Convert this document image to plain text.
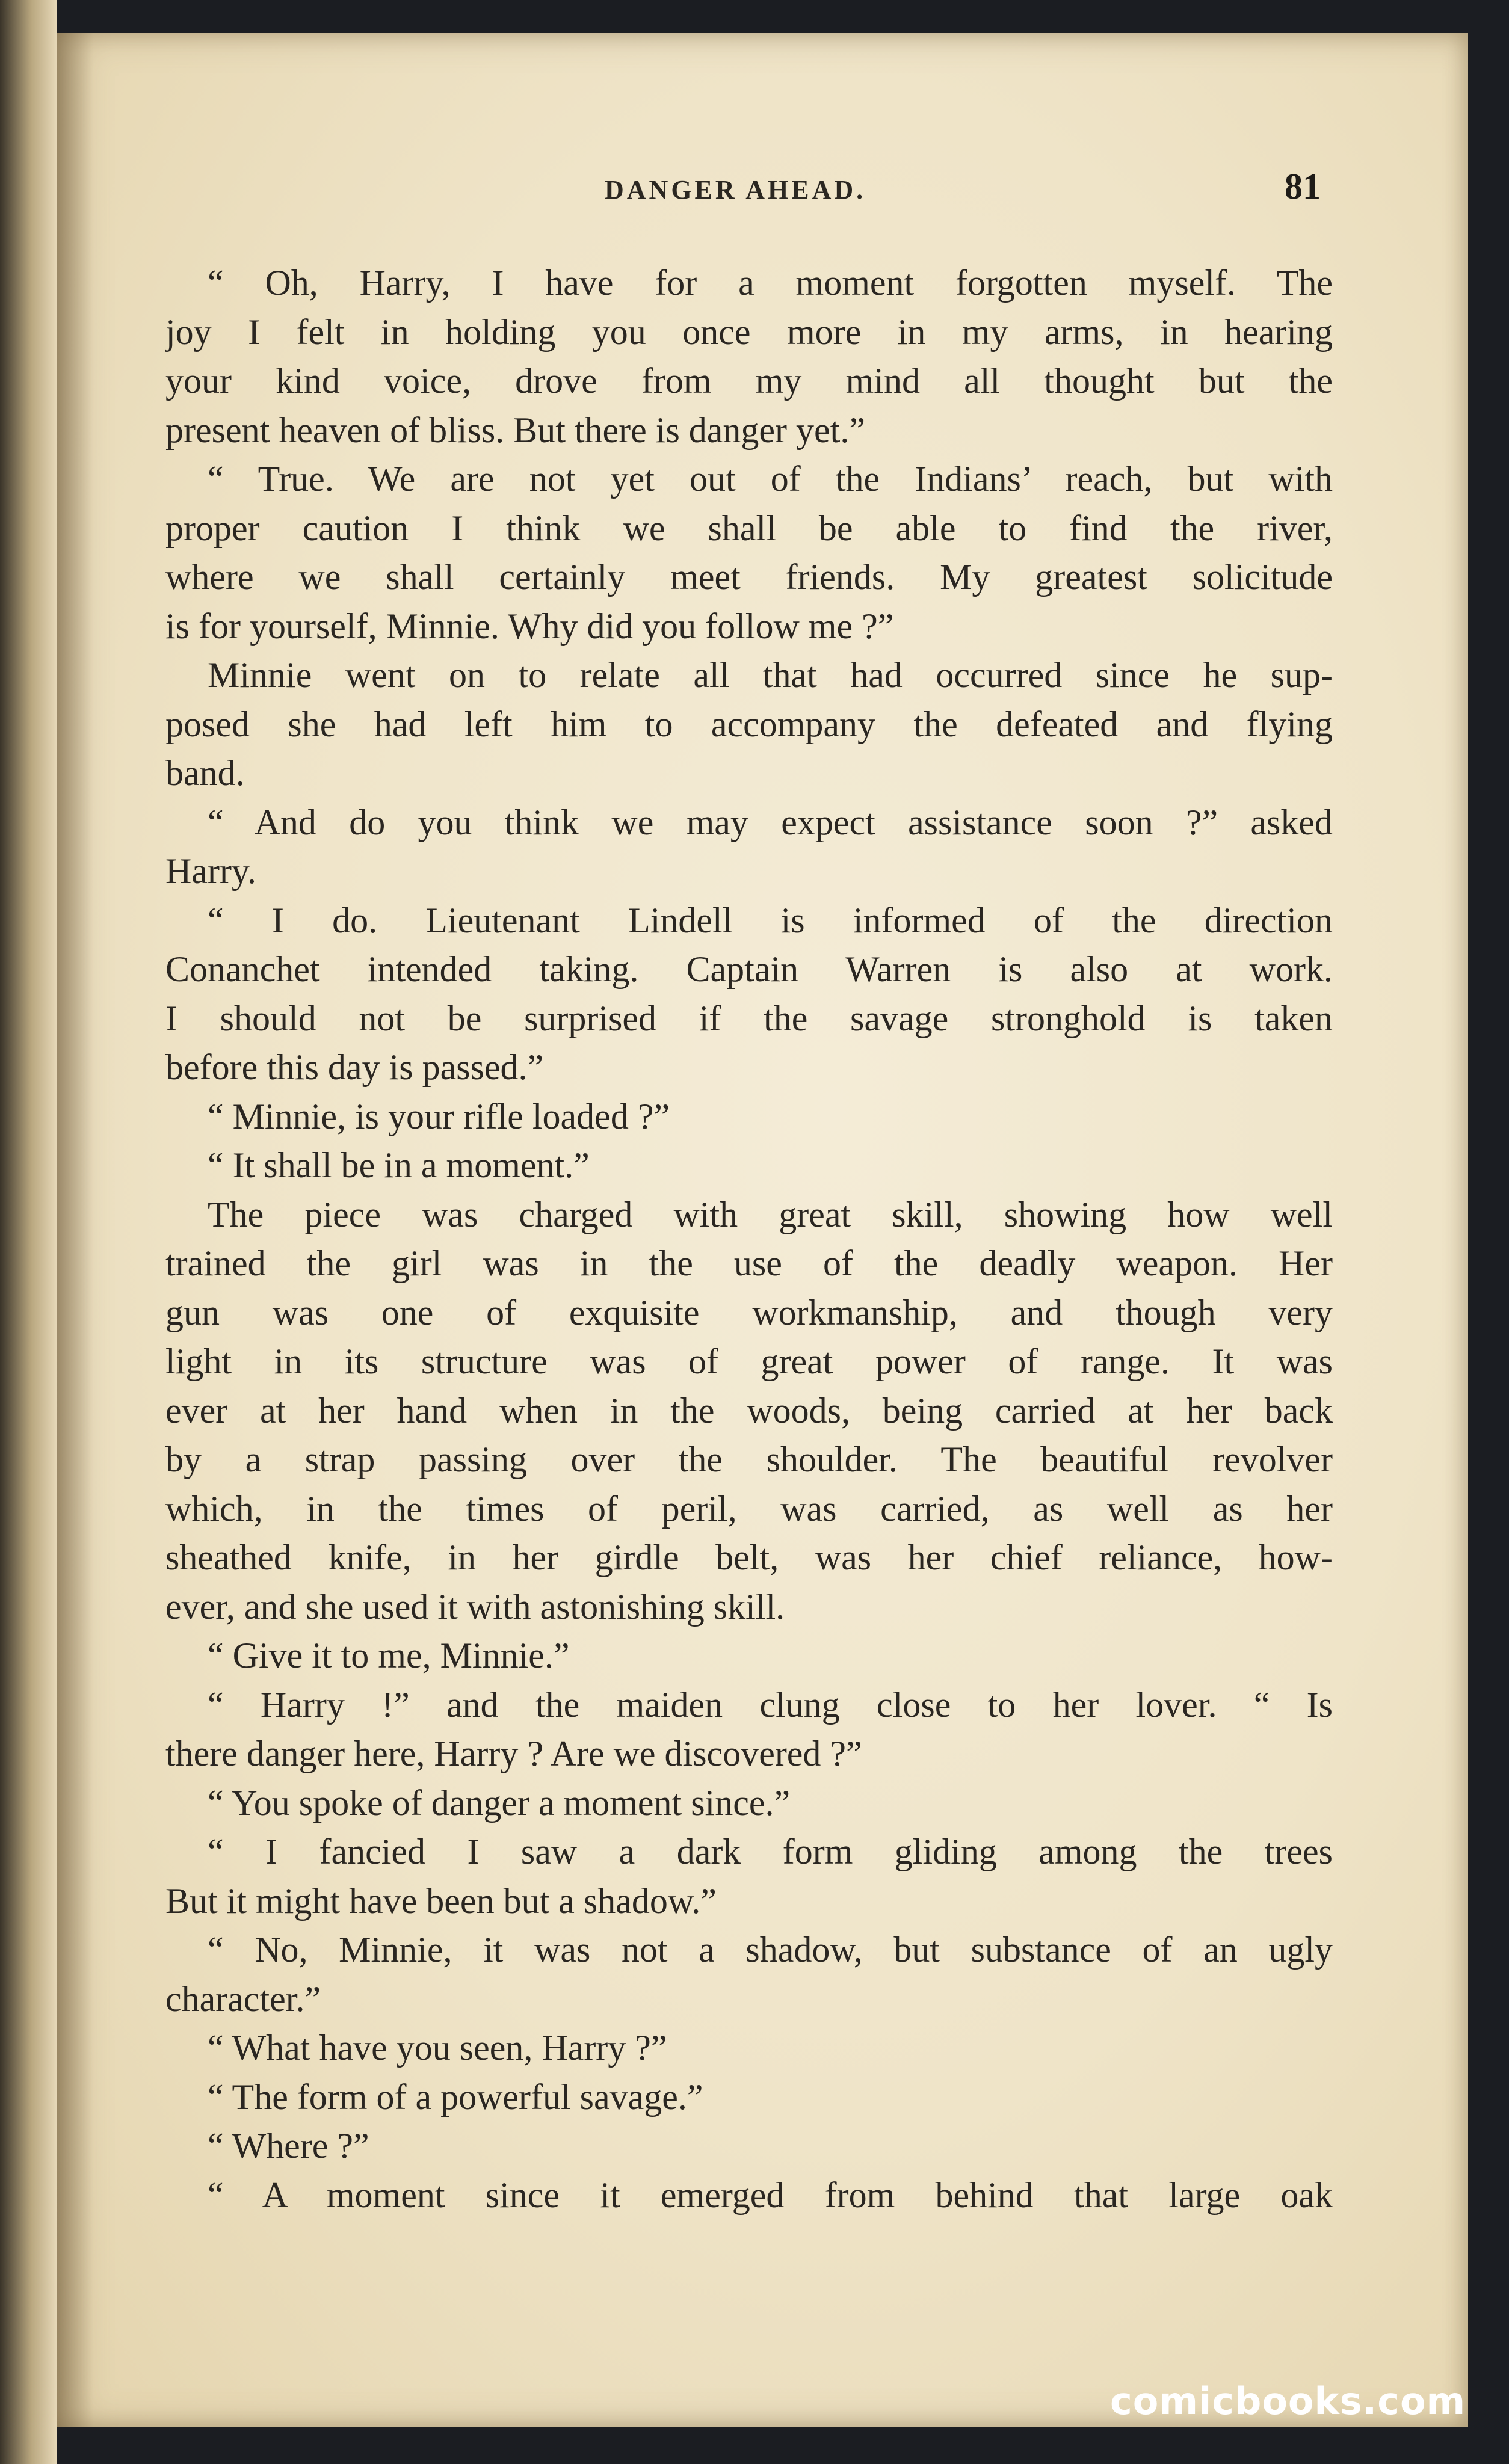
DANGER AHEAD.	81
“ Oh, Harry, I have for a moment forgotten myself. The
joy I felt in holding you once more in my arms, in hearing
your kind voice, drove from my mind all thought but the
present heaven of bliss. But there is danger yet.”
“ True. We are not yet out of the Indians’ reach, but with
proper caution I think we shall be able to find the river,
where we shall certainly meet friends. My greatest solicitude
is for yourself, Minnie. Why did you follow me ?”
Minnie went on to relate all that had occurred since he sup-
posed she had left him to accompany the defeated and flying
band.
“ And do you think we may expect assistance soon ?” asked
Harry.
“ I do. Lieutenant Lindell is informed of the direction
Conanchet intended taking. Captain Warren is also at work.
I should not be surprised if the savage stronghold is taken
before this day is passed.”
“ Minnie, is your rifle loaded ?”
“ It shall be in a moment.”
The piece was charged with great skill, showing how well
trained the girl was in the use of the deadly weapon. Her
gun was one of exquisite workmanship, and though very
light in its structure was of great power of range. It was
ever at her hand when in the woods, being carried at her back
by a strap passing over the shoulder. The beautiful revolver
which, in the times of peril, was carried, as well as her
sheathed knife, in her girdle belt, was her chief reliance, how-
ever, and she used it with astonishing skill.
“ Give it to me, Minnie.”
“ Harry !” and the maiden clung close to her lover. “ Is
there danger here, Harry ? Are we discovered ?”
“ You spoke of danger a moment since.”
“ I fancied I saw a dark form gliding among the trees
But it might have been but a shadow.”
“ No, Minnie, it was not a shadow, but substance of an ugly
character.”
“ What have you seen, Harry ?”
“ The form of a powerful savage.”
“ Where ?”
“ A moment since it emerged from behind that large oak
comicbooks.com
